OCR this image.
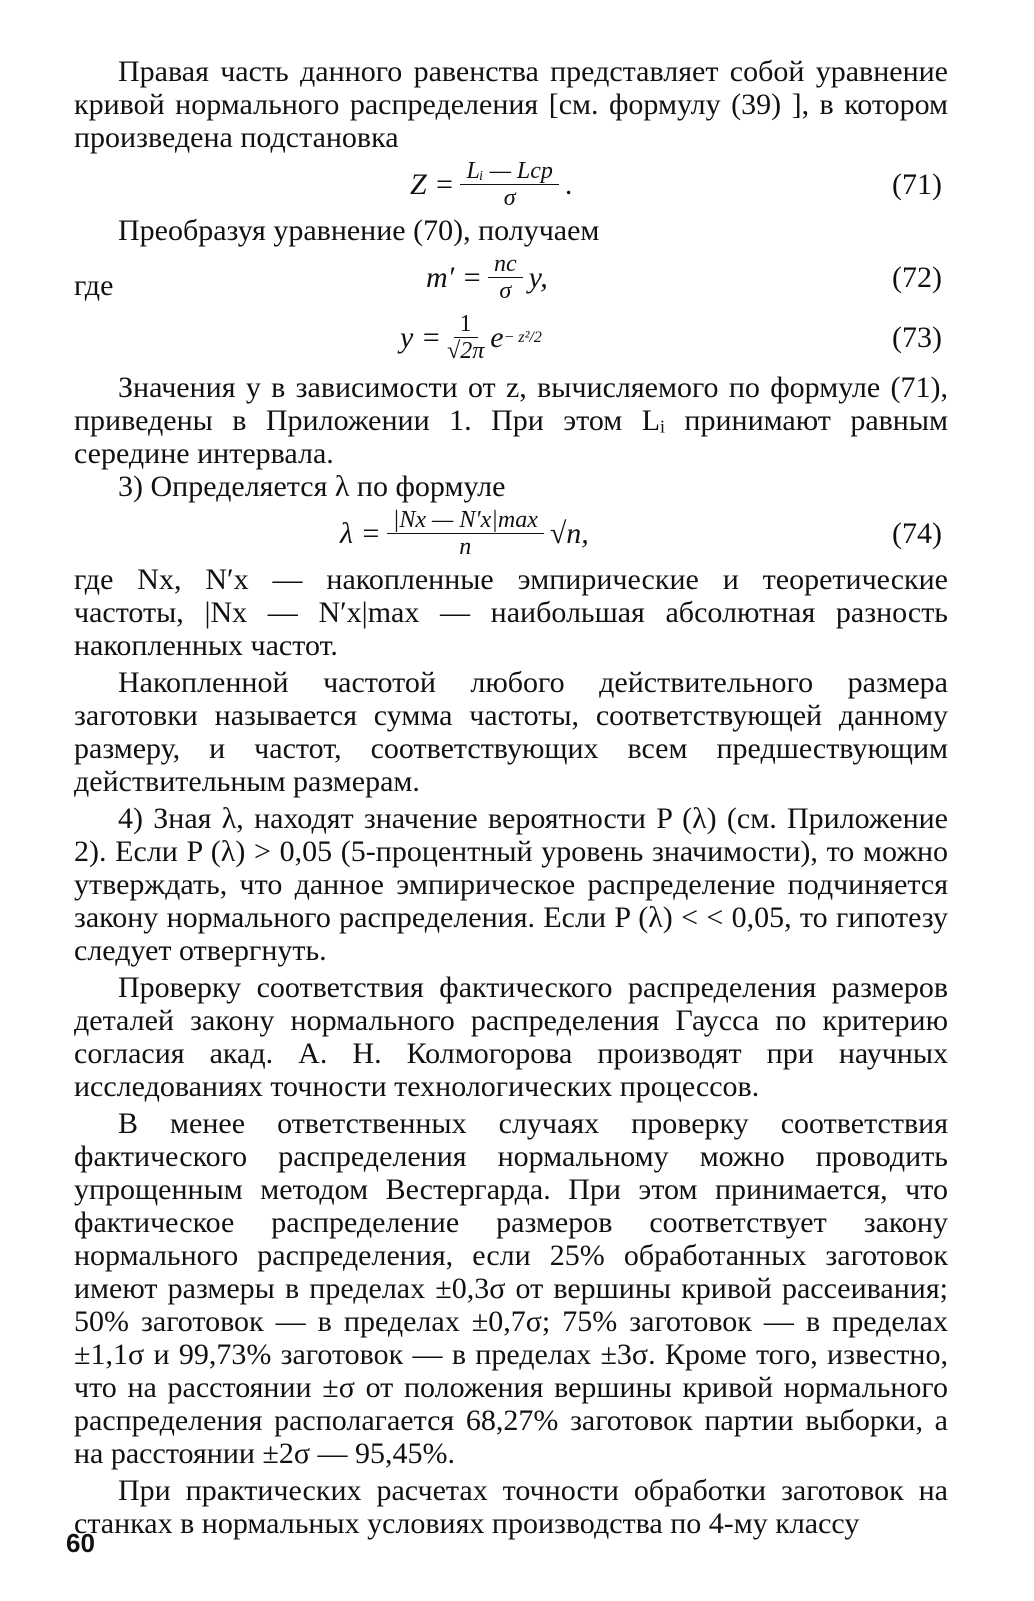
Правая часть данного равенства представляет собой уравнение кривой нормального распределения [см. формулу (39) ], в котором произведена подстановка

$Z = \frac{\text{Lᵢ — Lср}}{\sigma}$ .	(71)

Преобразуя уравнение (70), получаем

$m' = \frac{nc}{\sigma} y$,
где	(72)
$y = \frac{1}{√2\pi}$ e − z²/2	(73)

Значения y в зависимости от z, вычисляемого по формуле (71), приведены в Приложении 1. При этом Lᵢ принимают равным середине интервала.

3) Определяется λ по формуле

$\lambda = \frac{|Nx — N'x|\max}{n} √n$,	(74)

где Nx, N′x — накопленные эмпирические и теоретические частоты, |Nx — N′x|max — наибольшая абсолютная разность накопленных частот.

Накопленной частотой любого действительного размера заготовки называется сумма частоты, соответствующей данному размеру, и частот, соответствующих всем предшествующим действительным размерам.

4) Зная λ, находят значение вероятности P (λ) (см. Приложение 2). Если P (λ) > 0,05 (5-процентный уровень значимости), то можно утверждать, что данное эмпирическое распределение подчиняется закону нормального распределения. Если P (λ) < < 0,05, то гипотезу следует отвергнуть.

Проверку соответствия фактического распределения размеров деталей закону нормального распределения Гаусса по критерию согласия акад. А. Н. Колмогорова производят при научных исследованиях точности технологических процессов.

В менее ответственных случаях проверку соответствия фактического распределения нормальному можно проводить упрощенным методом Вестергарда. При этом принимается, что фактическое распределение размеров соответствует закону нормального распределения, если 25% обработанных заготовок имеют размеры в пределах ±0,3σ от вершины кривой рассеивания; 50% заготовок — в пределах ±0,7σ; 75% заготовок — в пределах ±1,1σ и 99,73% заготовок — в пределах ±3σ. Кроме того, известно, что на расстоянии ±σ от положения вершины кривой нормального распределения располагается 68,27% заготовок партии выборки, а на расстоянии ±2σ — 95,45%.

При практических расчетах точности обработки заготовок на станках в нормальных условиях производства по 4-му классу

60
